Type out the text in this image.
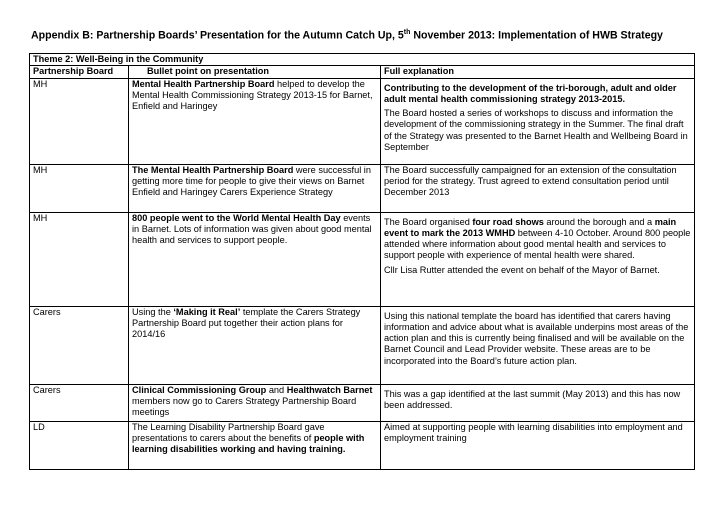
Appendix B: Partnership Boards’ Presentation for the Autumn Catch Up, 5th November 2013: Implementation of HWB Strategy
Theme 2: Well-Being in the Community		
Partnership Board	Bullet point on presentation	Full explanation
MH	Mental Health Partnership Board helped to develop the Mental Health Commissioning Strategy 2013-15 for Barnet, Enfield and Haringey	Contributing to the development of the tri-borough, adult and older adult mental health commissioning strategy 2013-2015.

The Board hosted a series of workshops to discuss and information the development of the commissioning strategy in the Summer. The final draft of the Strategy was presented to the Barnet Health and Wellbeing Board in September

MH	The Mental Health Partnership Board were successful in getting more time for people to give their views on Barnet Enfield and Haringey Carers Experience Strategy	The Board successfully campaigned for an extension of the consultation period for the strategy. Trust agreed to extend consultation period until December 2013

MH	800 people went to the World Mental Health Day events in Barnet. Lots of information was given about good mental health and services to support people.	The Board organised four road shows around the borough and a main event to mark the 2013 WMHD between 4-10 October. Around 800 people attended where information about good mental health and services to support people with experience of mental health were shared.

Cllr Lisa Rutter attended the event on behalf of the Mayor of Barnet.

Carers	Using the ‘Making it Real’ template the Carers Strategy Partnership Board put together their action plans for 2014/16	Using this national template the board has identified that carers having information and advice about what is available underpins most areas of the action plan and this is currently being finalised and will be available on the Barnet Council and Lead Provider website. These areas are to be incorporated into the Board’s future action plan.

Carers	Clinical Commissioning Group and Healthwatch Barnet members now go to Carers Strategy Partnership Board meetings	This was a gap identified at the last summit (May 2013) and this has now been addressed.

LD	The Learning Disability Partnership Board gave presentations to carers about the benefits of people with learning disabilities working and having training.	Aimed at supporting people with learning disabilities into employment and employment training
